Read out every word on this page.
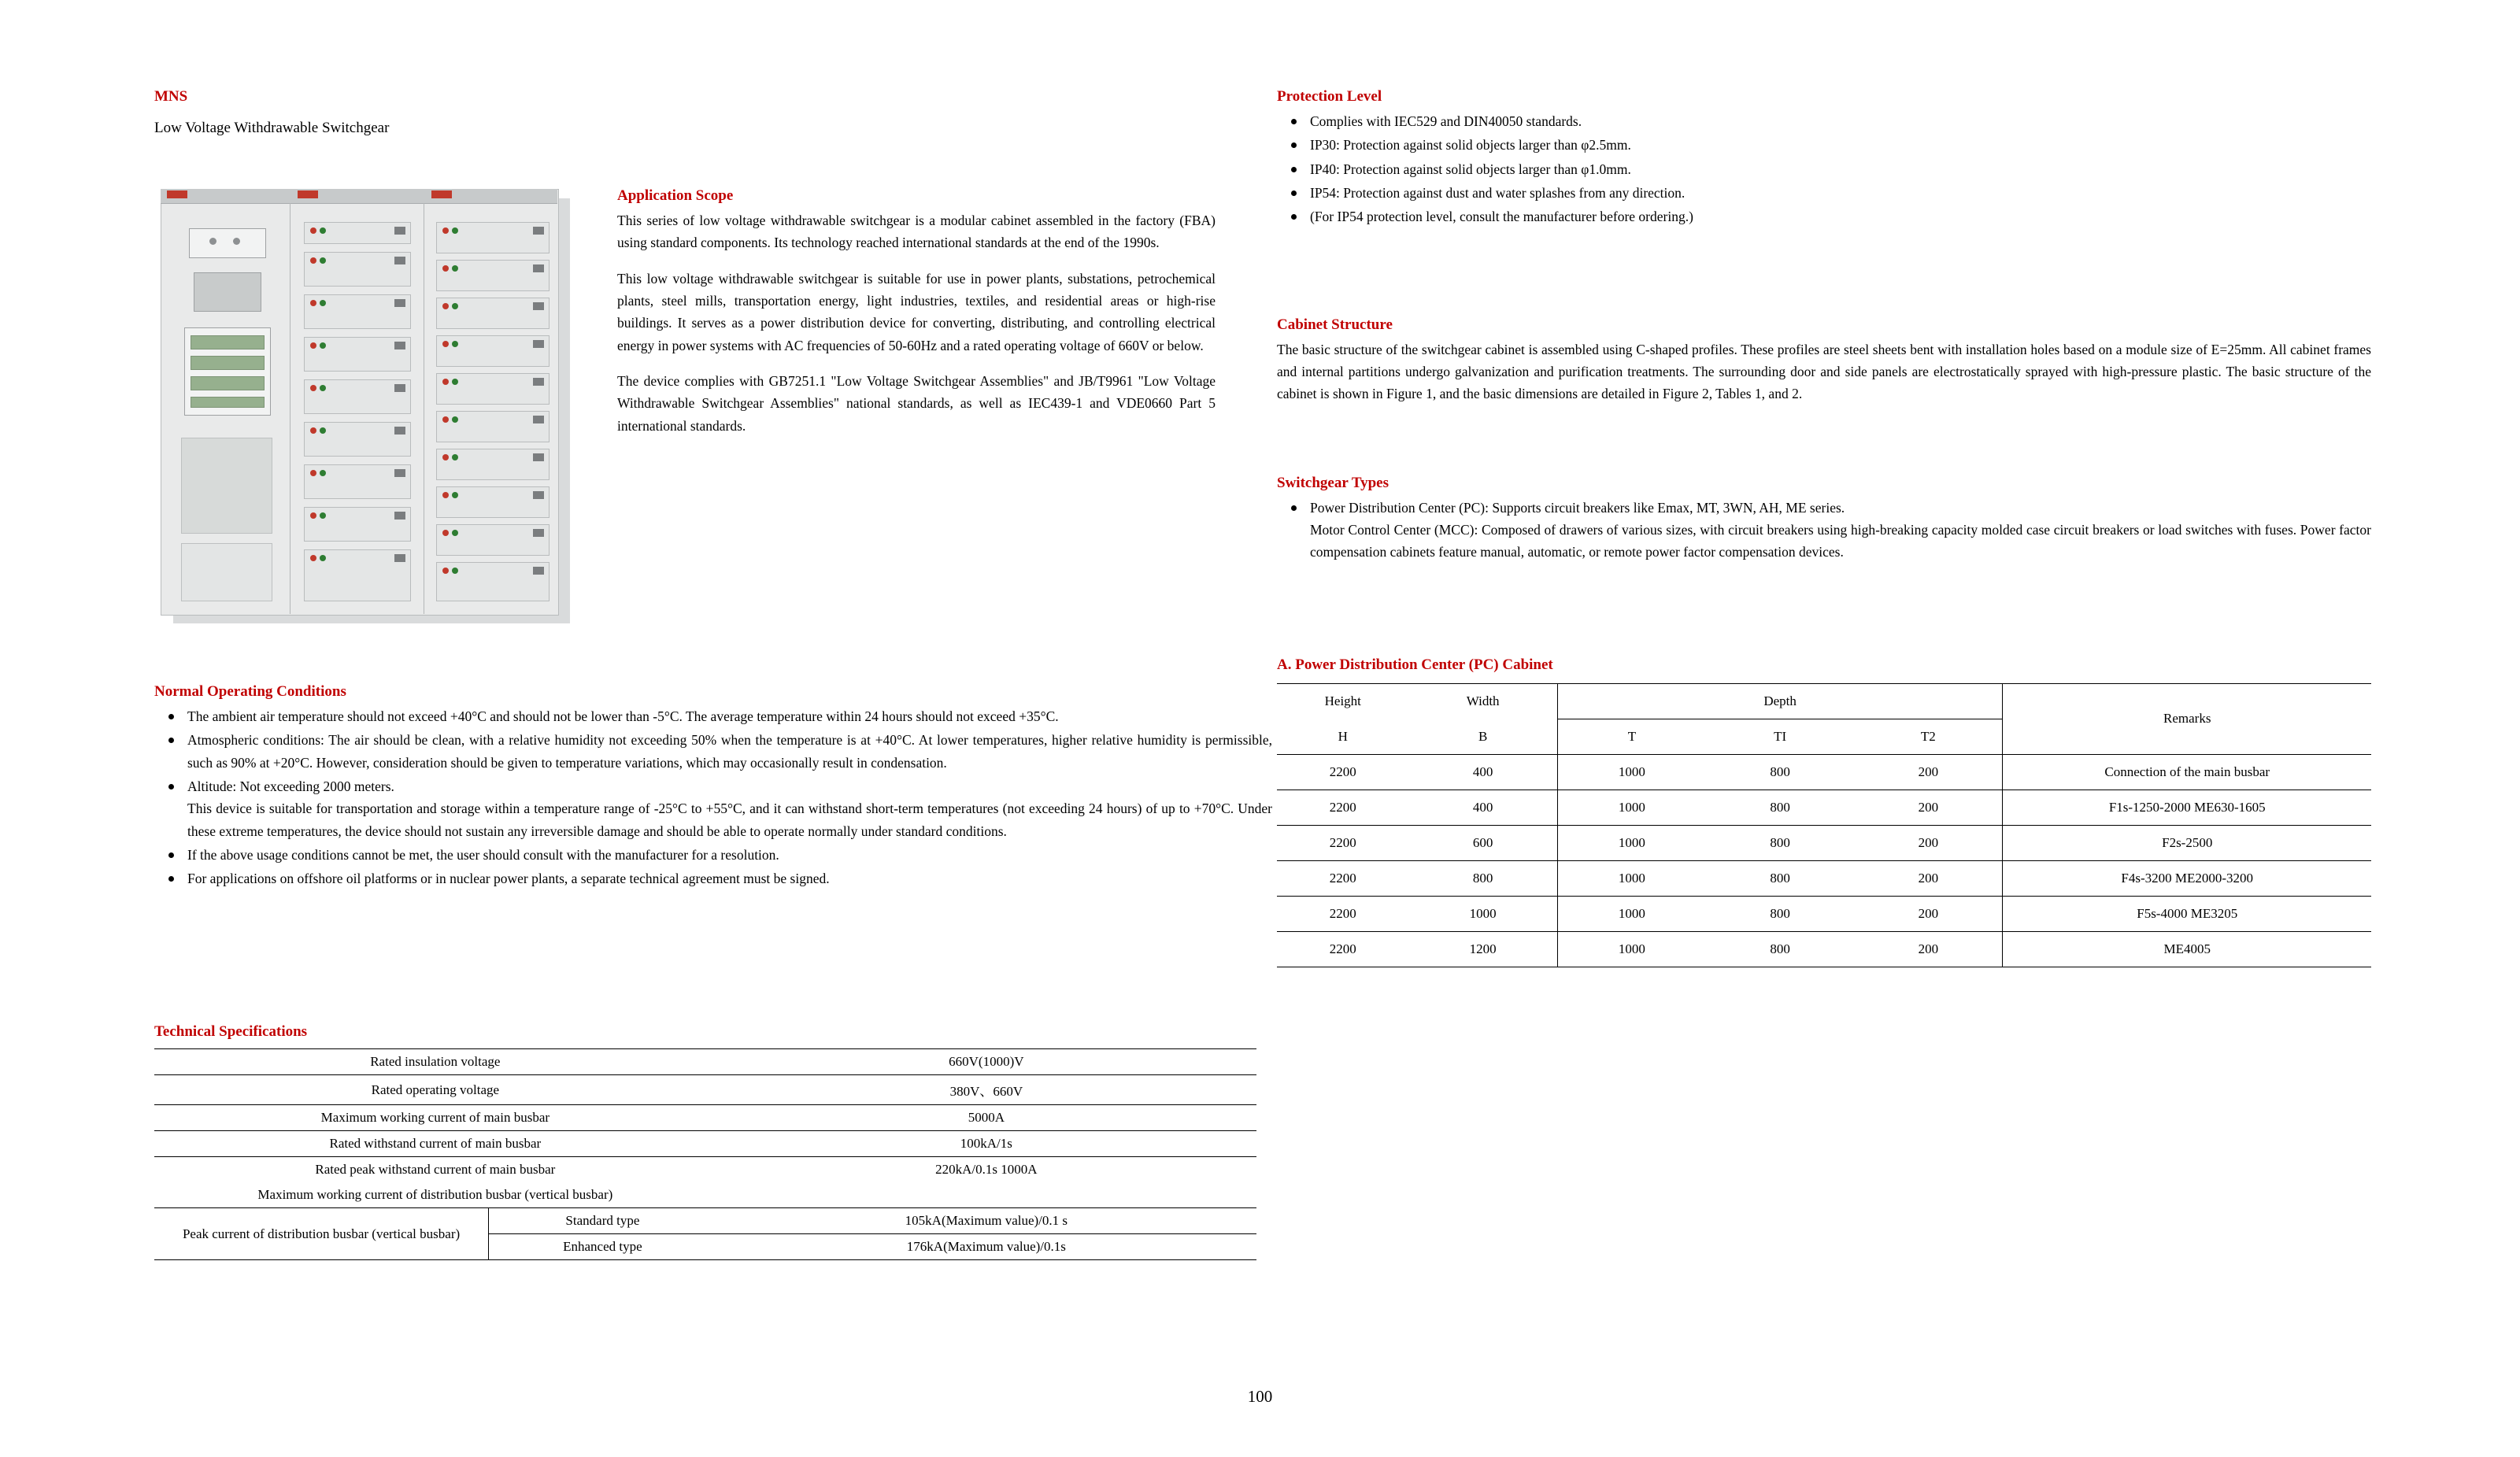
MNS
Low Voltage Withdrawable Switchgear
Application Scope

This series of low voltage withdrawable switchgear is a modular cabinet assembled in the factory (FBA) using standard components. Its technology reached international standards at the end of the 1990s.

This low voltage withdrawable switchgear is suitable for use in power plants, substations, petrochemical plants, steel mills, transportation energy, light industries, textiles, and residential areas or high-rise buildings. It serves as a power distribution device for converting, distributing, and controlling electrical energy in power systems with AC frequencies of 50-60Hz and a rated operating voltage of 660V or below.

The device complies with GB7251.1 "Low Voltage Switchgear Assemblies" and JB/T9961 "Low Voltage Withdrawable Switchgear Assemblies" national standards, as well as IEC439-1 and VDE0660 Part 5 international standards.

Normal Operating Conditions
The ambient air temperature should not exceed +40°C and should not be lower than -5°C. The average temperature within 24 hours should not exceed +35°C.
Atmospheric conditions: The air should be clean, with a relative humidity not exceeding 50% when the temperature is at +40°C. At lower temperatures, higher relative humidity is permissible, such as 90% at +20°C. However, consideration should be given to temperature variations, which may occasionally result in condensation.
Altitude: Not exceeding 2000 meters.
This device is suitable for transportation and storage within a temperature range of -25°C to +55°C, and it can withstand short-term temperatures (not exceeding 24 hours) of up to +70°C. Under these extreme temperatures, the device should not sustain any irreversible damage and should be able to operate normally under standard conditions.
If the above usage conditions cannot be met, the user should consult with the manufacturer for a resolution.
For applications on offshore oil platforms or in nuclear power plants, a separate technical agreement must be signed.
Technical Specifications
Rated insulation voltage		660V(1000)V
Rated operating voltage		380V、660V
Maximum working current of main busbar		5000A
Rated withstand current of main busbar		100kA/1s
Rated peak withstand current of main busbar		220kA/0.1s 1000A
Maximum working current of distribution busbar (vertical busbar)		
Peak current of distribution busbar (vertical busbar)	Standard type	105kA(Maximum value)/0.1 s
	Enhanced type	176kA(Maximum value)/0.1s
Protection Level
Complies with IEC529 and DIN40050 standards.
IP30: Protection against solid objects larger than φ2.5mm.
IP40: Protection against solid objects larger than φ1.0mm.
IP54: Protection against dust and water splashes from any direction.
(For IP54 protection level, consult the manufacturer before ordering.)
Cabinet Structure
The basic structure of the switchgear cabinet is assembled using C-shaped profiles. These profiles are steel sheets bent with installation holes based on a module size of E=25mm. All cabinet frames and internal partitions undergo galvanization and purification treatments. The surrounding door and side panels are electrostatically sprayed with high-pressure plastic. The basic structure of the cabinet is shown in Figure 1, and the basic dimensions are detailed in Figure 2, Tables 1, and 2.
Switchgear Types
Power Distribution Center (PC): Supports circuit breakers like Emax, MT, 3WN, AH, ME series.
Motor Control Center (MCC): Composed of drawers of various sizes, with circuit breakers using high-breaking capacity molded case circuit breakers or load switches with fuses. Power factor compensation cabinets feature manual, automatic, or remote power factor compensation devices.
A. Power Distribution Center (PC) Cabinet
Height	Width	Depth			Remarks
H	B	T	TI	T2	
2200	400	1000	800	200	Connection of the main busbar
2200	400	1000	800	200	F1s-1250-2000 ME630-1605
2200	600	1000	800	200	F2s-2500
2200	800	1000	800	200	F4s-3200 ME2000-3200
2200	1000	1000	800	200	F5s-4000 ME3205
2200	1200	1000	800	200	ME4005
100
